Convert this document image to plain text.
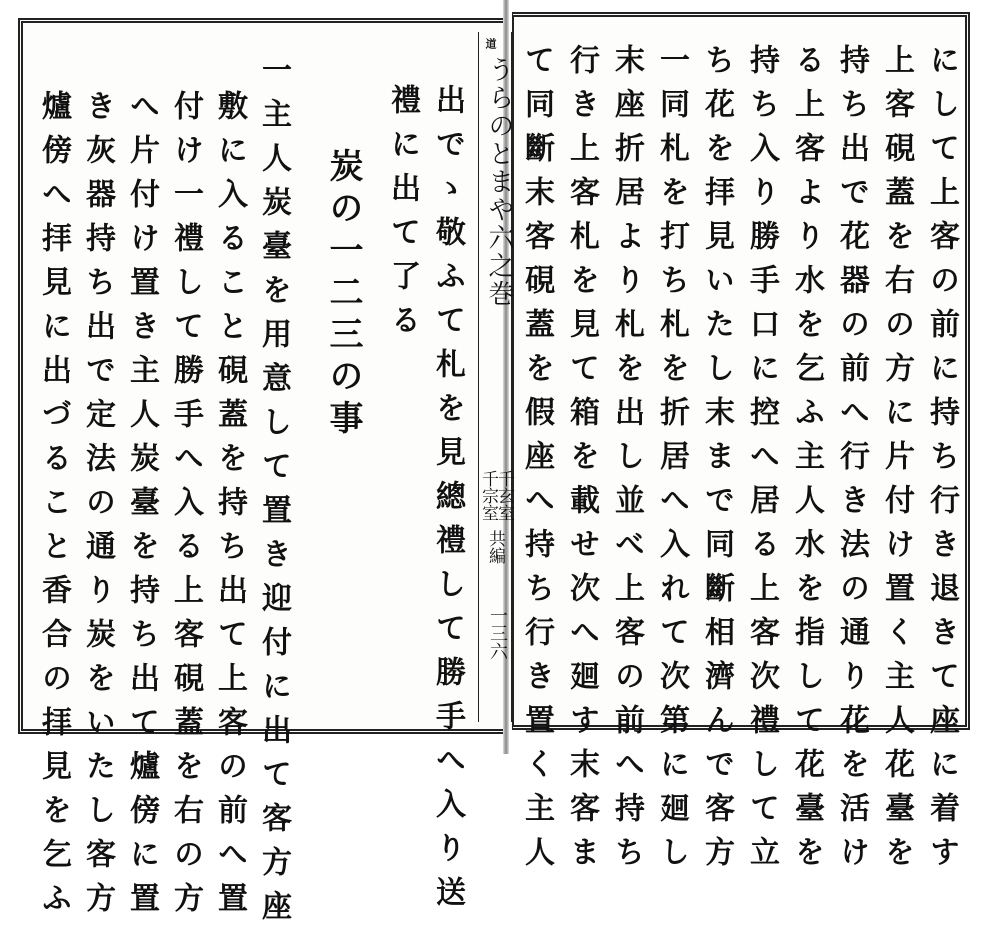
にして上客の前に持ち行き退きて座に着す
上客硯蓋を右の方に片付け置く主人花臺を
持ち出で花器の前へ行き法の通り花を活け
る上客より水を乞ふ主人水を指して花臺を
持ち入り勝手口に控へ居る上客次禮して立
ち花を拝見いたし末まで同斷相濟んで客方
一同札を打ち札を折居へ入れて次第に廻し
末座折居より札を出し並べ上客の前へ持ち
行き上客札を見て箱を載せ次へ廻す末客ま
て同斷末客硯蓋を假座へ持ち行き置く主人
道
うらのとまや六之巻
千玄室
千宗室
共編
一三六
出でゝ敬ふて札を見總禮して勝手へ入り送
禮に出て了る
炭の一二三の事
一主人炭臺を用意して置き迎付に出て客方座
敷に入ること硯蓋を持ち出て上客の前へ置
付け一禮して勝手へ入る上客硯蓋を右の方
へ片付け置き主人炭臺を持ち出て爐傍に置
き灰器持ち出で定法の通り炭をいたし客方
爐傍へ拝見に出づること香合の拝見を乞ふ
